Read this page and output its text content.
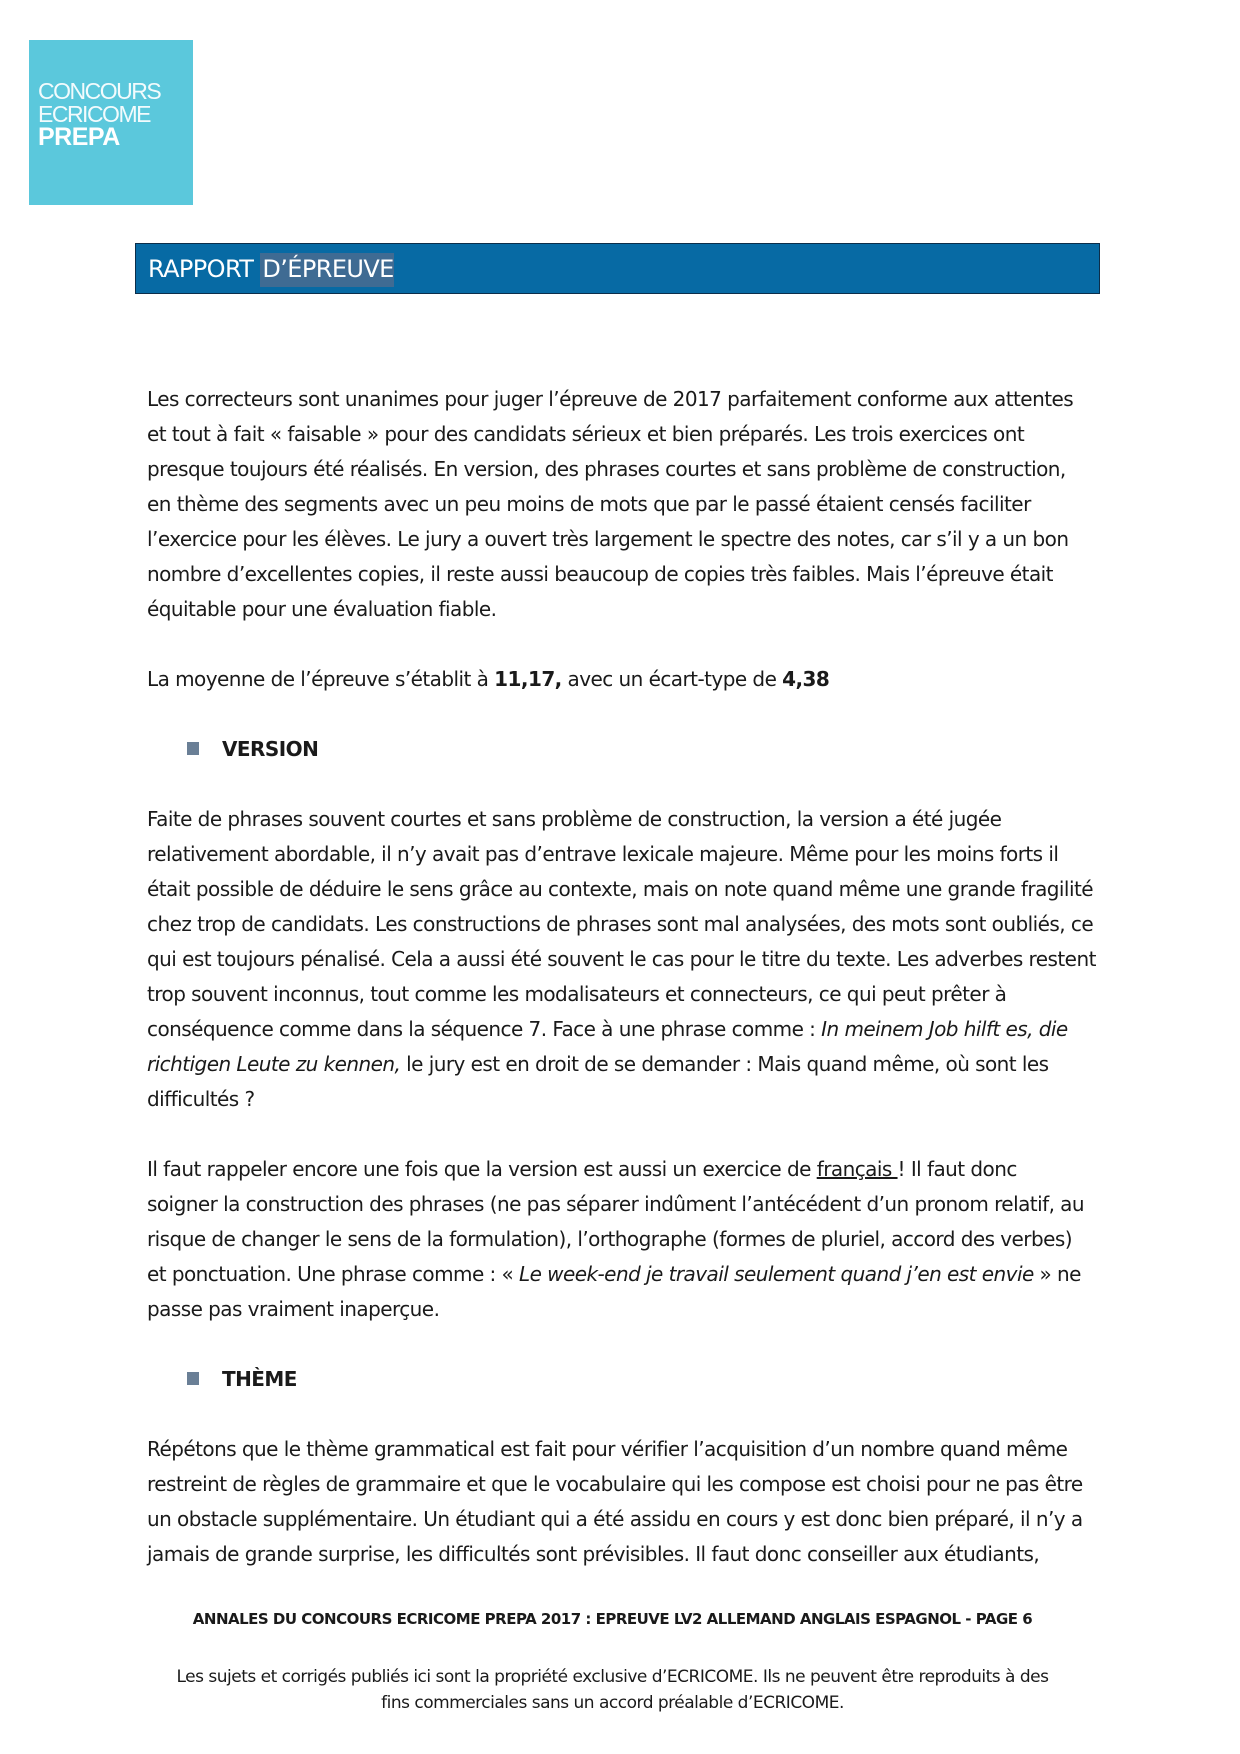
CONCOURS
ECRICOME
PREPA
RAPPORT D’ÉPREUVE

Les correcteurs sont unanimes pour juger l’épreuve de 2017 parfaitement conforme aux attentes
et tout à fait « faisable » pour des candidats sérieux et bien préparés. Les trois exercices ont
presque toujours été réalisés. En version, des phrases courtes et sans problème de construction,
en thème des segments avec un peu moins de mots que par le passé étaient censés faciliter
l’exercice pour les élèves. Le jury a ouvert très largement le spectre des notes, car s’il y a un bon
nombre d’excellentes copies, il reste aussi beaucoup de copies très faibles. Mais l’épreuve était
équitable pour une évaluation fiable.

La moyenne de l’épreuve s’établit à 11,17, avec un écart-type de 4,38

VERSION

Faite de phrases souvent courtes et sans problème de construction, la version a été jugée
relativement abordable, il n’y avait pas d’entrave lexicale majeure. Même pour les moins forts il
était possible de déduire le sens grâce au contexte, mais on note quand même une grande fragilité
chez trop de candidats. Les constructions de phrases sont mal analysées, des mots sont oubliés, ce
qui est toujours pénalisé. Cela a aussi été souvent le cas pour le titre du texte. Les adverbes restent
trop souvent inconnus, tout comme les modalisateurs et connecteurs, ce qui peut prêter à
conséquence comme dans la séquence 7. Face à une phrase comme : In meinem Job hilft es, die
richtigen Leute zu kennen, le jury est en droit de se demander : Mais quand même, où sont les
difficultés ?

Il faut rappeler encore une fois que la version est aussi un exercice de français ! Il faut donc
soigner la construction des phrases (ne pas séparer indûment l’antécédent d’un pronom relatif, au
risque de changer le sens de la formulation), l’orthographe (formes de pluriel, accord des verbes)
et ponctuation. Une phrase comme : « Le week-end je travail seulement quand j’en est envie » ne
passe pas vraiment inaperçue.

THÈME

Répétons que le thème grammatical est fait pour vérifier l’acquisition d’un nombre quand même
restreint de règles de grammaire et que le vocabulaire qui les compose est choisi pour ne pas être
un obstacle supplémentaire. Un étudiant qui a été assidu en cours y est donc bien préparé, il n’y a
jamais de grande surprise, les difficultés sont prévisibles. Il faut donc conseiller aux étudiants,

ANNALES DU CONCOURS ECRICOME PREPA 2017 : EPREUVE LV2 ALLEMAND ANGLAIS ESPAGNOL - PAGE 6
Les sujets et corrigés publiés ici sont la propriété exclusive d’ECRICOME. Ils ne peuvent être reproduits à des
fins commerciales sans un accord préalable d’ECRICOME.
